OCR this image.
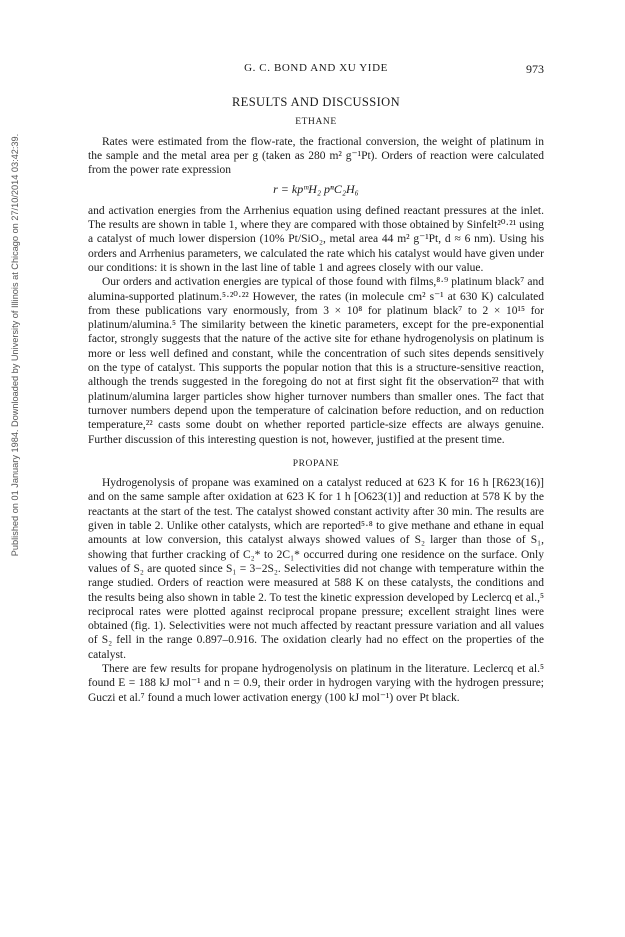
Published on 01 January 1984. Downloaded by University of Illinois at Chicago on 27/10/2014 03:42:39.
G. C. BOND AND XU YIDE	973
RESULTS AND DISCUSSION
ETHANE

Rates were estimated from the flow-rate, the fractional conversion, the weight of platinum in the sample and the metal area per g (taken as 280 m² g⁻¹Pt). Orders of reaction were calculated from the power rate expression

r = kpᵐH₂ pⁿC₂H₆

and activation energies from the Arrhenius equation using defined reactant pressures at the inlet. The results are shown in table 1, where they are compared with those obtained by Sinfelt²⁰·²¹ using a catalyst of much lower dispersion (10% Pt/SiO₂, metal area 44 m² g⁻¹Pt, d ≈ 6 nm). Using his orders and Arrhenius parameters, we calculated the rate which his catalyst would have given under our conditions: it is shown in the last line of table 1 and agrees closely with our value.

Our orders and activation energies are typical of those found with films,⁸·⁹ platinum black⁷ and alumina-supported platinum.⁵·²⁰·²² However, the rates (in molecule cm² s⁻¹ at 630 K) calculated from these publications vary enormously, from 3 × 10⁸ for platinum black⁷ to 2 × 10¹⁵ for platinum/alumina.⁵ The similarity between the kinetic parameters, except for the pre-exponential factor, strongly suggests that the nature of the active site for ethane hydrogenolysis on platinum is more or less well defined and constant, while the concentration of such sites depends sensitively on the type of catalyst. This supports the popular notion that this is a structure-sensitive reaction, although the trends suggested in the foregoing do not at first sight fit the observation²² that with platinum/alumina larger particles show higher turnover numbers than smaller ones. The fact that turnover numbers depend upon the temperature of calcination before reduction, and on reduction temperature,²² casts some doubt on whether reported particle-size effects are always genuine. Further discussion of this interesting question is not, however, justified at the present time.

PROPANE

Hydrogenolysis of propane was examined on a catalyst reduced at 623 K for 16 h [R623(16)] and on the same sample after oxidation at 623 K for 1 h [O623(1)] and reduction at 578 K by the reactants at the start of the test. The catalyst showed constant activity after 30 min. The results are given in table 2. Unlike other catalysts, which are reported⁵·⁸ to give methane and ethane in equal amounts at low conversion, this catalyst always showed values of S₂ larger than those of S₁, showing that further cracking of C₂* to 2C₁* occurred during one residence on the surface. Only values of S₂ are quoted since S₁ = 3−2S₂. Selectivities did not change with temperature within the range studied. Orders of reaction were measured at 588 K on these catalysts, the conditions and the results being also shown in table 2. To test the kinetic expression developed by Leclercq et al.,⁵ reciprocal rates were plotted against reciprocal propane pressure; excellent straight lines were obtained (fig. 1). Selectivities were not much affected by reactant pressure variation and all values of S₂ fell in the range 0.897–0.916. The oxidation clearly had no effect on the properties of the catalyst.

There are few results for propane hydrogenolysis on platinum in the literature. Leclercq et al.⁵ found E = 188 kJ mol⁻¹ and n = 0.9, their order in hydrogen varying with the hydrogen pressure; Guczi et al.⁷ found a much lower activation energy (100 kJ mol⁻¹) over Pt black.
